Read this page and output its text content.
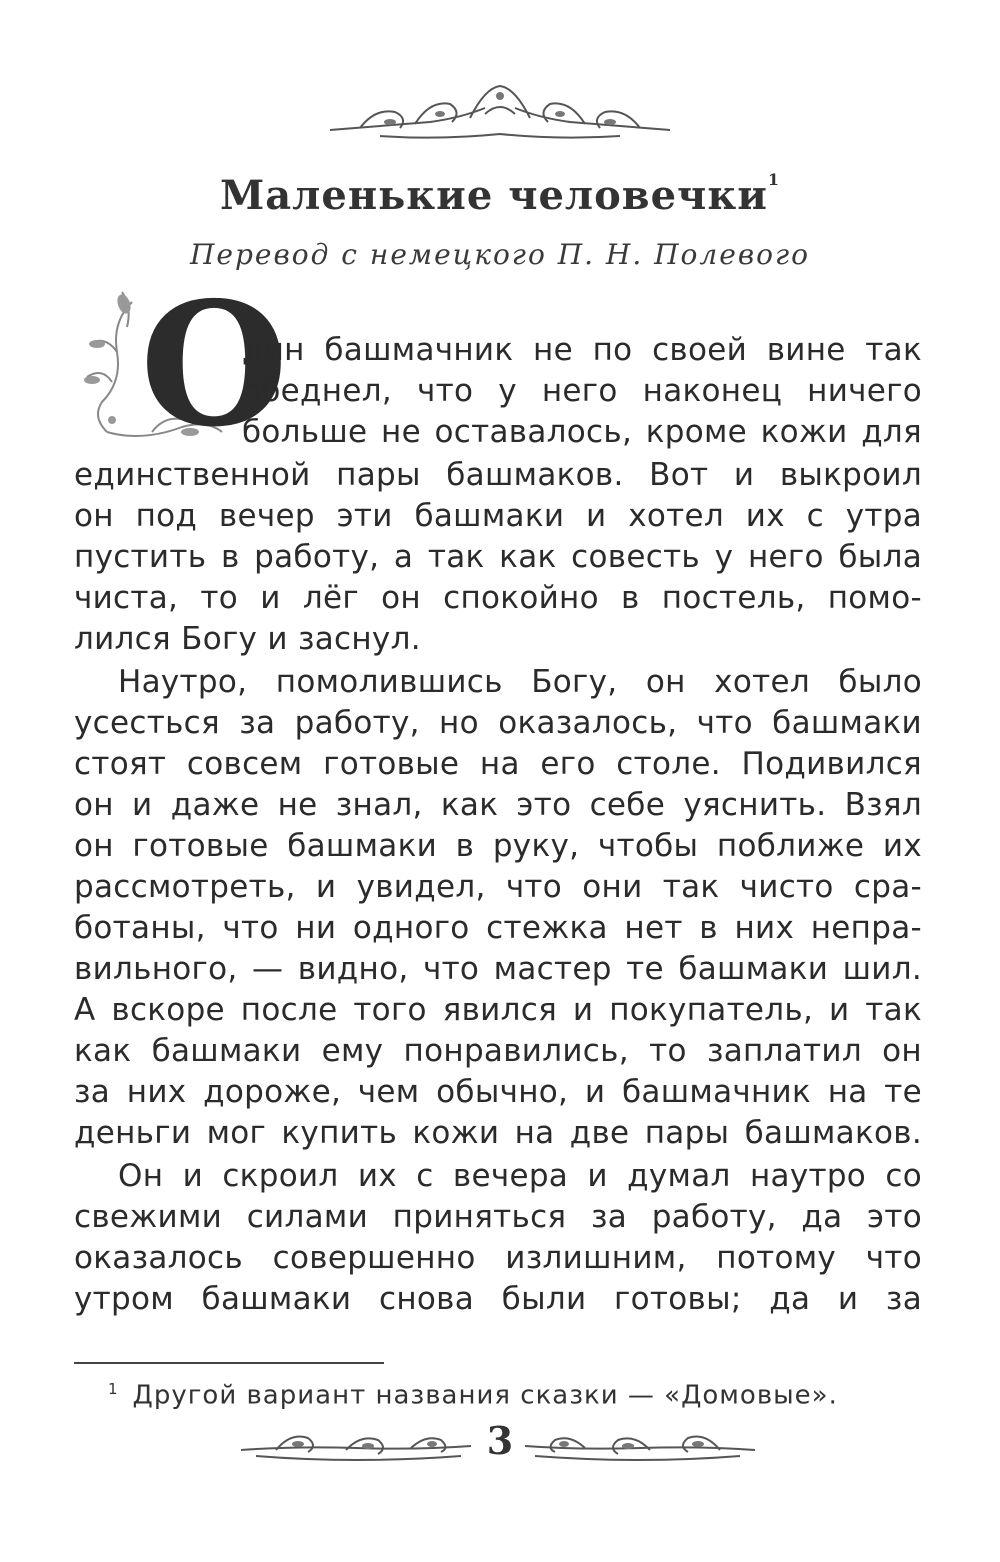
Маленькие человечки$^1$

Перевод с немецкого П. Н. Полевого

О
дин башмачник не по своей вине так
обеднел, что у него наконец ничего
больше не оставалось, кроме кожи для
единственной пары башмаков. Вот и выкроил
он под вечер эти башмаки и хотел их с утра
пустить в работу, а так как совесть у него была
чиста, то и лёг он спокойно в постель, помо-
лился Богу и заснул.
Наутро, помолившись Богу, он хотел было
усесться за работу, но оказалось, что башмаки
стоят совсем готовые на его столе. Подивился
он и даже не знал, как это себе уяснить. Взял
он готовые башмаки в руку, чтобы поближе их
рассмотреть, и увидел, что они так чисто сра-
ботаны, что ни одного стежка нет в них непра-
вильного, — видно, что мастер те башмаки шил.
А вскоре после того явился и покупатель, и так
как башмаки ему понравились, то заплатил он
за них дороже, чем обычно, и башмачник на те
деньги мог купить кожи на две пары башмаков.
Он и скроил их с вечера и думал наутро со
свежими силами приняться за работу, да это
оказалось совершенно излишним, потому что
утром башмаки снова были готовы; да и за
$^1$ Другой вариант названия сказки — «Домовые».
3
